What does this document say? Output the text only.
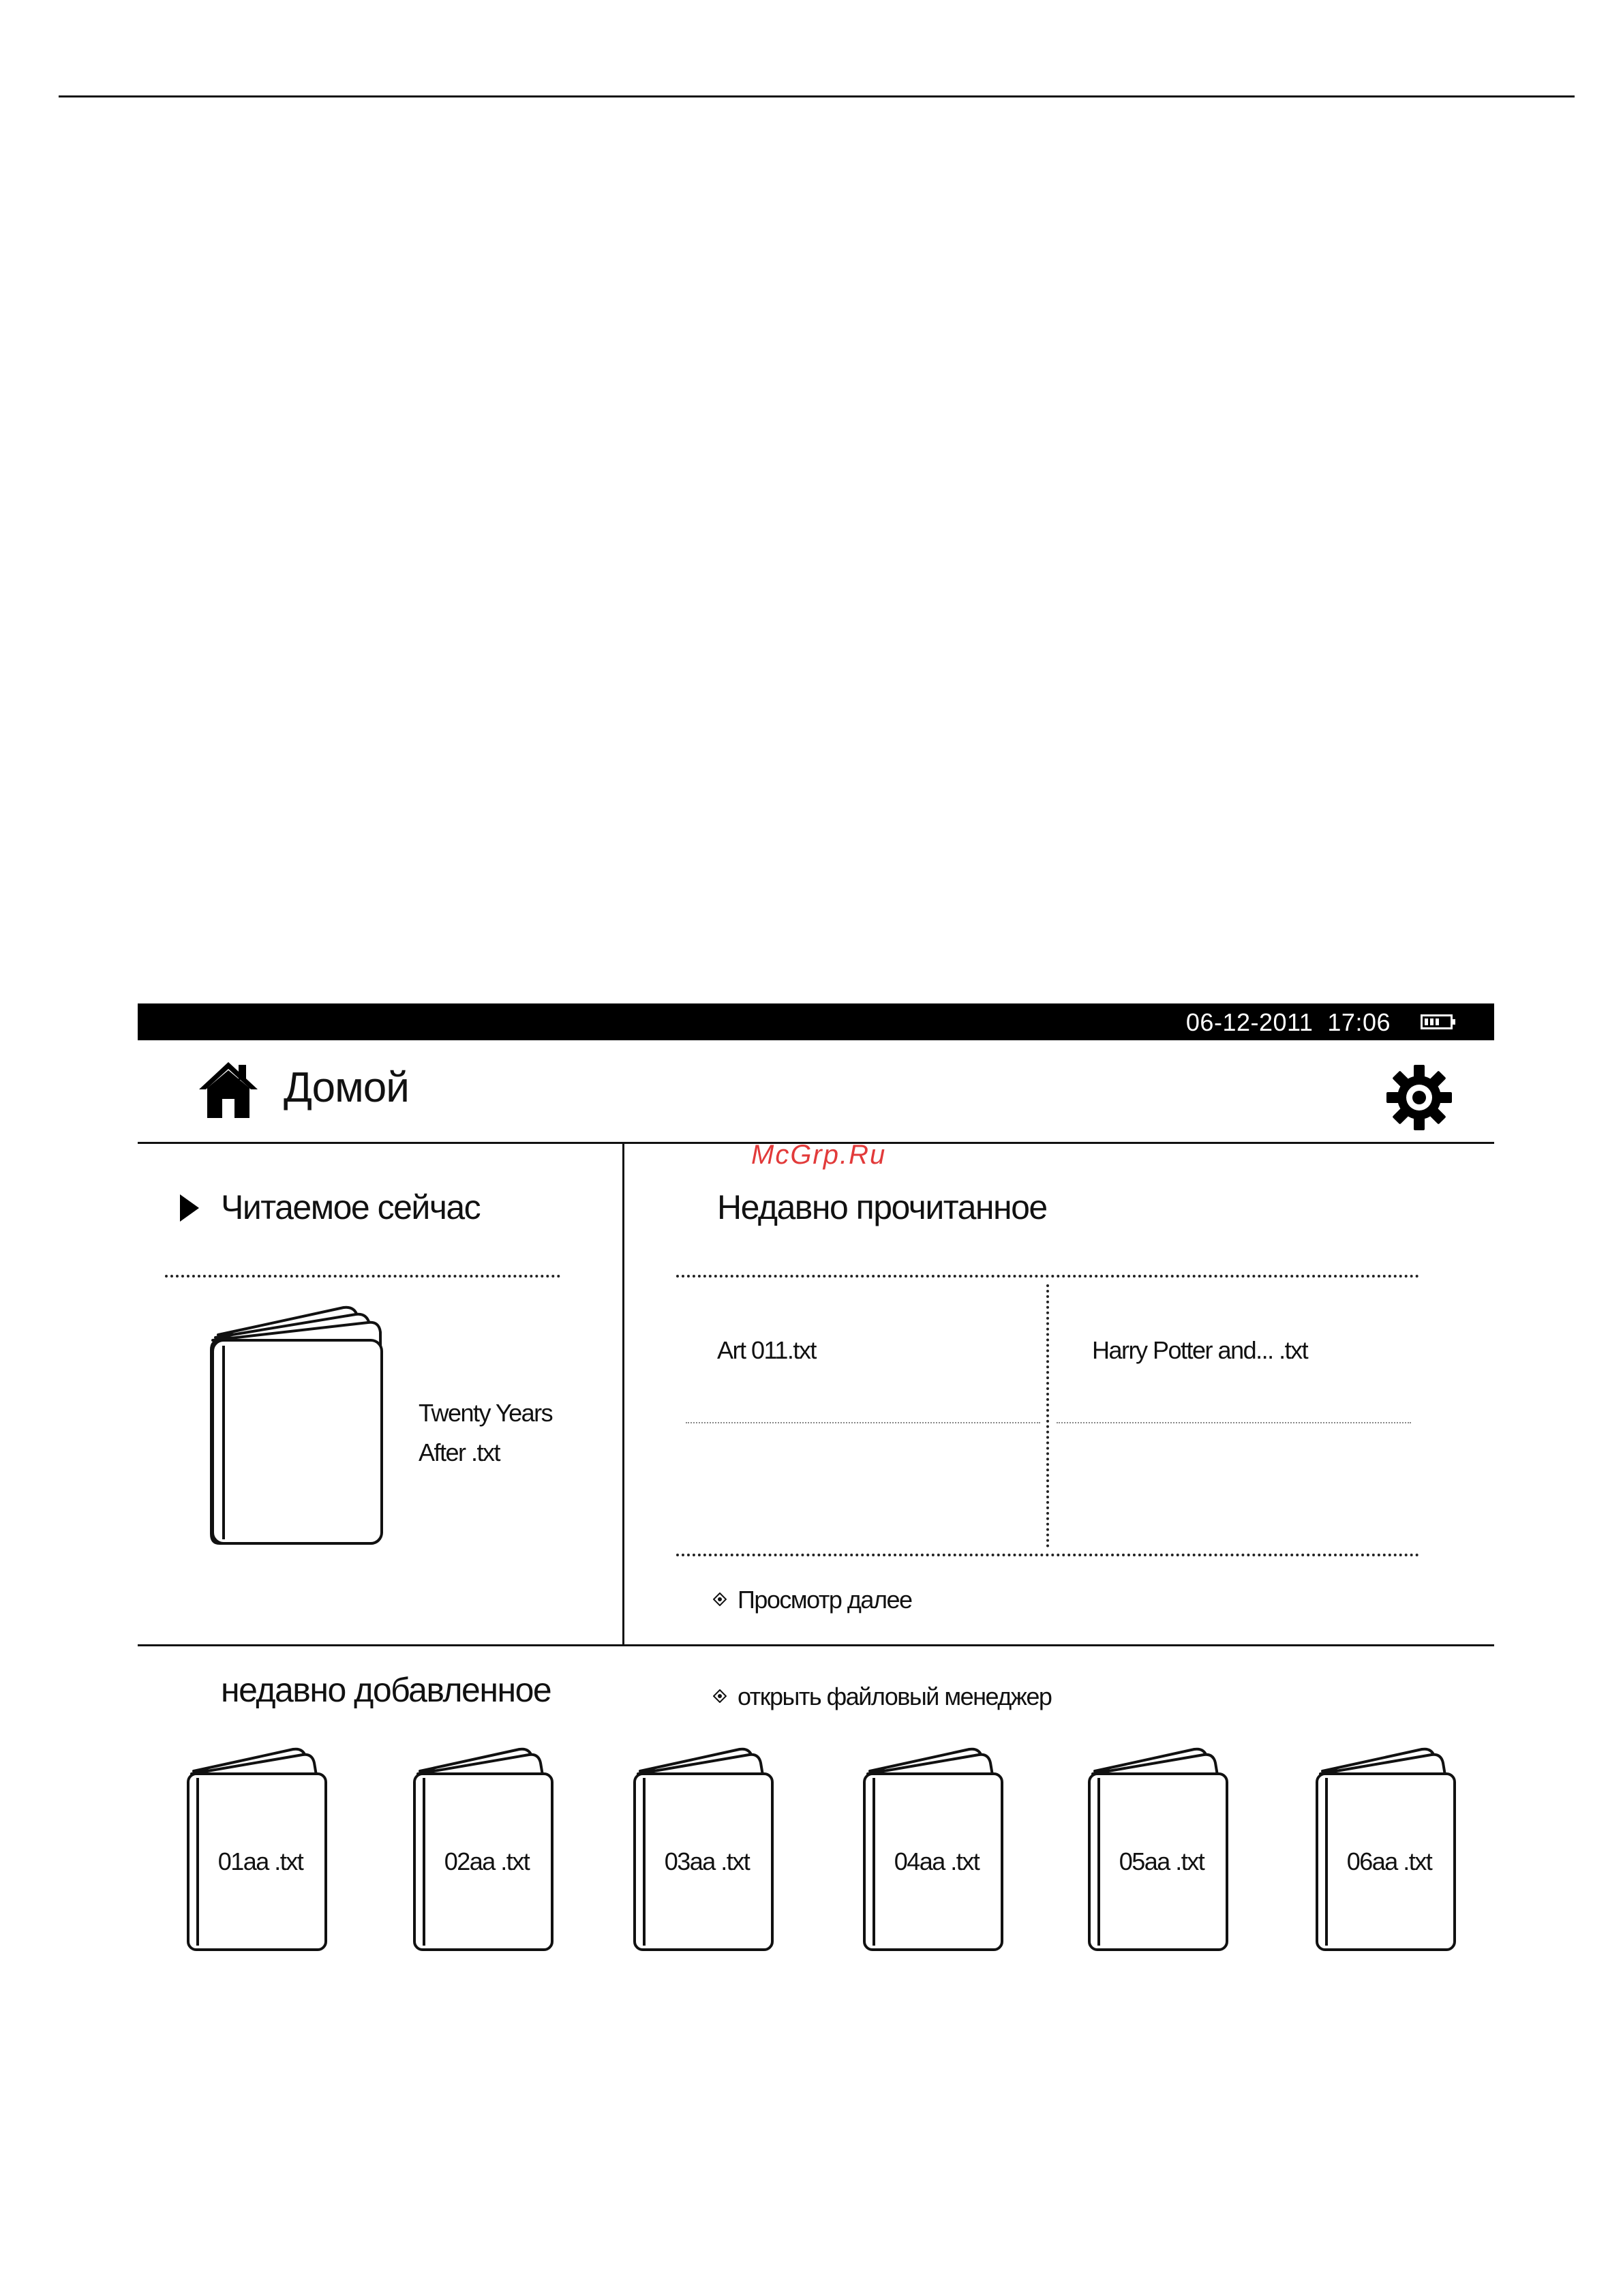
06-12-2011 17:06
Домой
McGrp.Ru
Читаемое сейчас
Twenty Years
After .txt
Недавно прочитанное
Art 011.txt	Harry Potter and... .txt
Просмотр далее
недавно добавленное	открыть файловый менеджер
01aa .txt	02aa .txt	03aa .txt	04aa .txt	05aa .txt	06aa .txt
